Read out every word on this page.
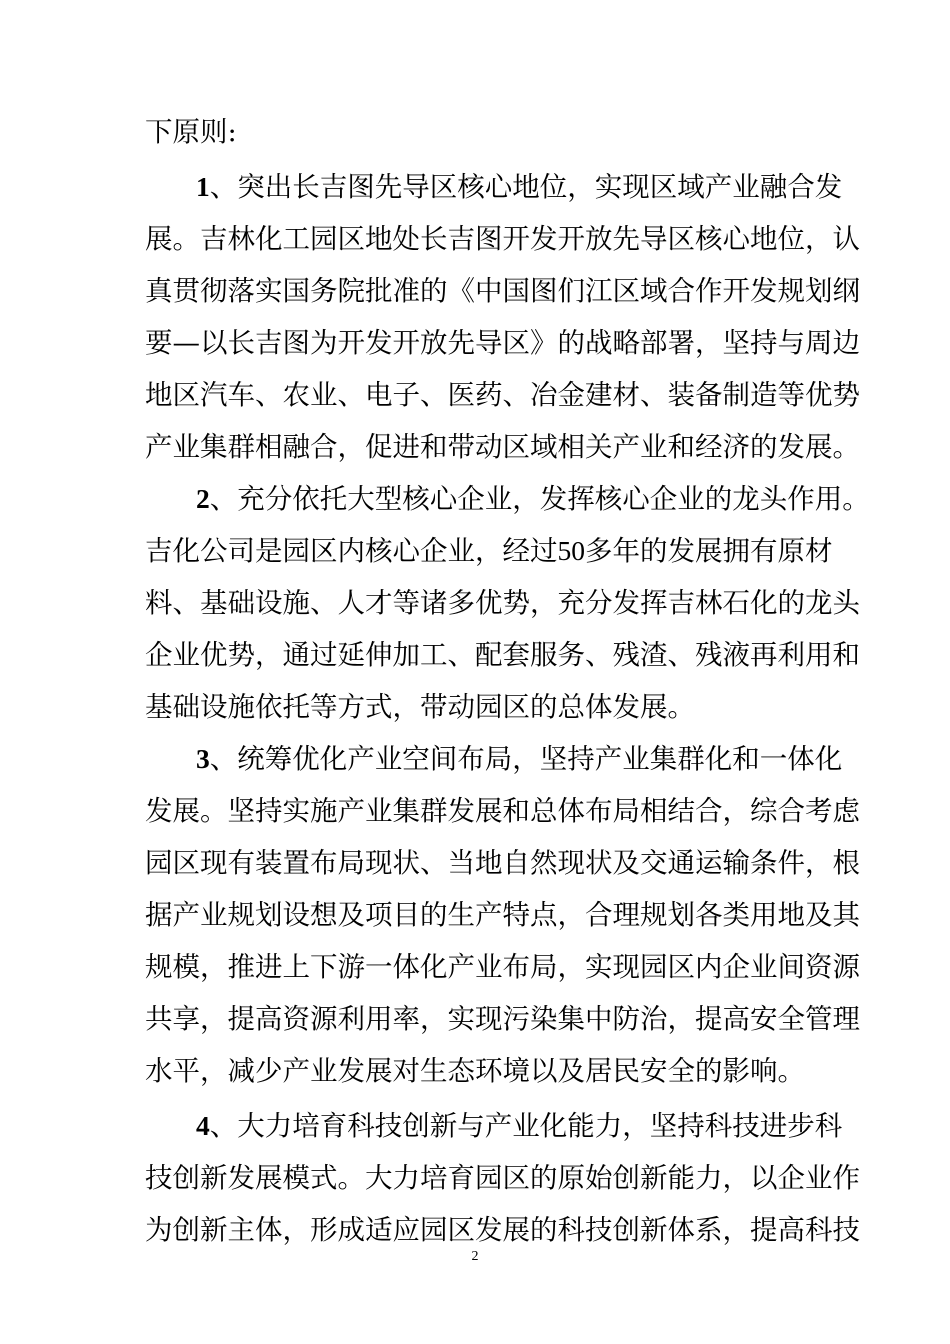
下原则:
1、突出长吉图先导区核心地位，实现区域产业融合发
展。吉林化工园区地处长吉图开发开放先导区核心地位，认
真贯彻落实国务院批准的《中国图们江区域合作开发规划纲
要—以长吉图为开发开放先导区》的战略部署，坚持与周边
地区汽车、农业、电子、医药、冶金建材、装备制造等优势
产业集群相融合，促进和带动区域相关产业和经济的发展。
2、充分依托大型核心企业，发挥核心企业的龙头作用。
吉化公司是园区内核心企业，经过50多年的发展拥有原材
料、基础设施、人才等诸多优势，充分发挥吉林石化的龙头
企业优势，通过延伸加工、配套服务、残渣、残液再利用和
基础设施依托等方式，带动园区的总体发展。
3、统筹优化产业空间布局，坚持产业集群化和一体化
发展。坚持实施产业集群发展和总体布局相结合，综合考虑
园区现有装置布局现状、当地自然现状及交通运输条件，根
据产业规划设想及项目的生产特点，合理规划各类用地及其
规模，推进上下游一体化产业布局，实现园区内企业间资源
共享，提高资源利用率，实现污染集中防治，提高安全管理
水平，减少产业发展对生态环境以及居民安全的影响。
4、大力培育科技创新与产业化能力，坚持科技进步科
技创新发展模式。大力培育园区的原始创新能力，以企业作
为创新主体，形成适应园区发展的科技创新体系，提高科技
2
